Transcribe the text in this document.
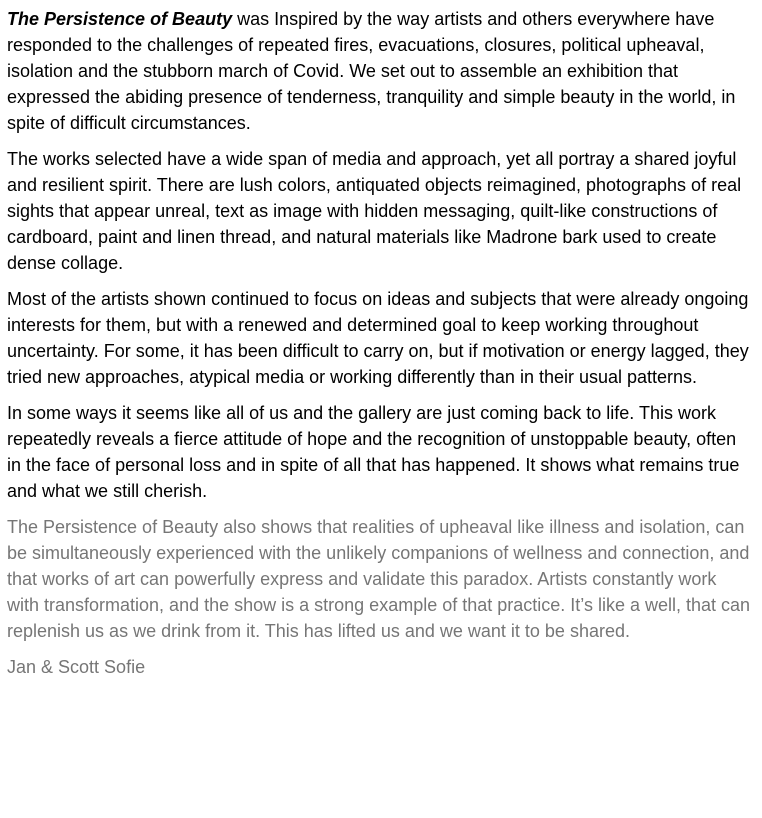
The Persistence of Beauty was Inspired by the way artists and others everywhere have responded to the challenges of repeated fires, evacuations, closures, political upheaval, isolation and the stubborn march of Covid. We set out to assemble an exhibition that expressed the abiding presence of tenderness, tranquility and simple beauty in the world, in spite of difficult circumstances.

The works selected have a wide span of media and approach, yet all portray a shared joyful and resilient spirit. There are lush colors, antiquated objects reimagined, photographs of real sights that appear unreal, text as image with hidden messaging, quilt-like constructions of cardboard, paint and linen thread, and natural materials like Madrone bark used to create dense collage.

Most of the artists shown continued to focus on ideas and subjects that were already ongoing interests for them, but with a renewed and determined goal to keep working throughout uncertainty. For some, it has been difficult to carry on, but if motivation or energy lagged, they tried new approaches, atypical media or working differently than in their usual patterns.

In some ways it seems like all of us and the gallery are just coming back to life. This work repeatedly reveals a fierce attitude of hope and the recognition of unstoppable beauty, often in the face of personal loss and in spite of all that has happened. It shows what remains true and what we still cherish.

The Persistence of Beauty also shows that realities of upheaval like illness and isolation, can be simultaneously experienced with the unlikely companions of wellness and connection, and that works of art can powerfully express and validate this paradox. Artists constantly work with transformation, and the show is a strong example of that practice. It’s like a well, that can replenish us as we drink from it. This has lifted us and we want it to be shared.

Jan & Scott Sofie
